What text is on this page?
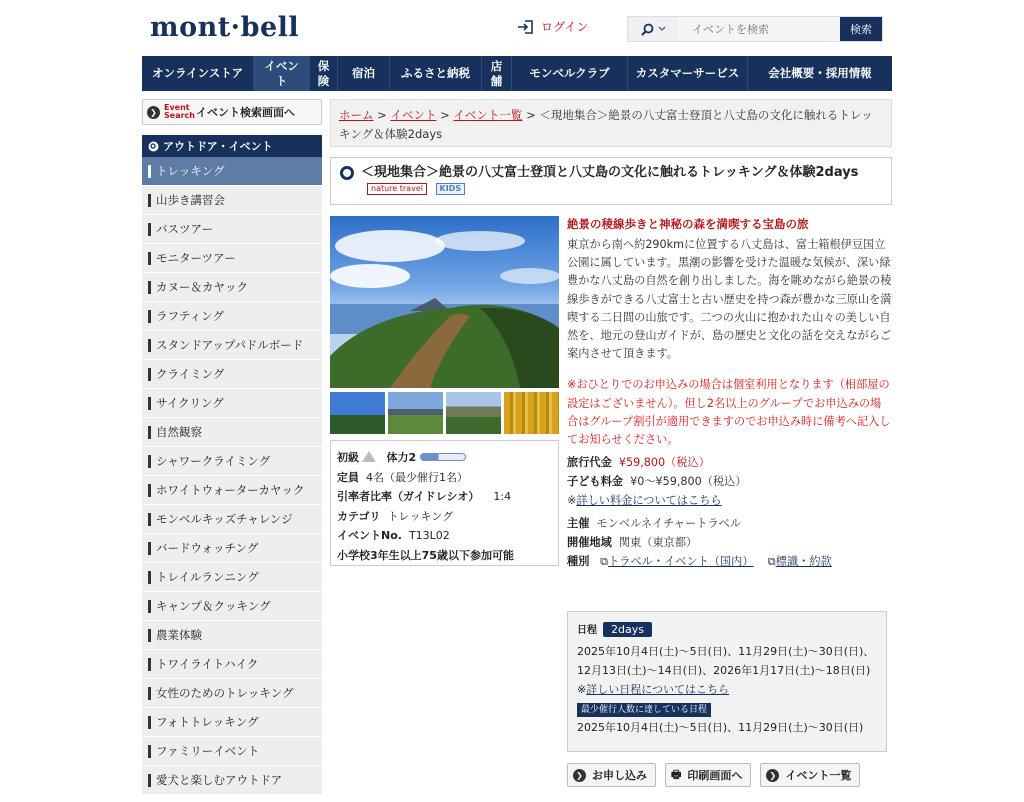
mont·bell	ログイン
イベントを検索	検索
オンラインストア
イベント
保険
宿泊	ふるさと納税
店舗
モンベルクラブ	カスタマーサービス	会社概要・採用情報
❯ Event Search イベント検索画面へ
アウトドア・イベント
トレッキング
山歩き講習会
バスツアー
モニターツアー
カヌー＆カヤック
ラフティング
スタンドアップパドルボード
クライミング
サイクリング
自然観察
シャワークライミング
ホワイトウォーターカヤック
モンベルキッズチャレンジ
バードウォッチング
トレイルランニング
キャンプ＆クッキング
農業体験
トワイライトハイク
女性のためのトレッキング
フォトトレッキング
ファミリーイベント
愛犬と楽しむアウトドア
ホーム > イベント > イベント一覧 > ＜現地集合＞絶景の八丈富士登頂と八丈島の文化に触れるトレッキング＆体験2days
＜現地集合＞絶景の八丈富士登頂と八丈島の文化に触れるトレッキング＆体験2days nature travel KIDS
初級	体力2
定員 4名（最少催行1名）
引率者比率（ガイドレシオ） 1:4
カテゴリ トレッキング
イベントNo. T13L02
小学校3年生以上75歳以下参加可能
絶景の稜線歩きと神秘の森を満喫する宝島の旅
東京から南へ約290kmに位置する八丈島は、富士箱根伊豆国立公園に属しています。黒潮の影響を受けた温暖な気候が、深い緑豊かな八丈島の自然を創り出しました。海を眺めながら絶景の稜線歩きができる八丈富士と古い歴史を持つ森が豊かな三原山を満喫する二日間の山旅です。二つの火山に抱かれた山々の美しい自然を、地元の登山ガイドが、島の歴史と文化の話を交えながらご案内させて頂きます。
※おひとりでのお申込みの場合は個室利用となります（相部屋の設定はございません）。但し2名以上のグループでお申込みの場合はグループ割引が適用できますのでお申込み時に備考へ記入してお知らせください。
旅行代金 ¥59,800（税込）
子ども料金 ¥0〜¥59,800（税込）
※詳しい料金についてはこちら
主催 モンベルネイチャートラベル
開催地域 関東（東京都）
種別 ⧉トラベル・イベント（国内） ⧉標識・約款
日程 2days
2025年10月4日(土)〜5日(日)、11月29日(土)〜30日(日)、12月13日(土)〜14日(日)、2026年1月17日(土)〜18日(日)
※詳しい日程についてはこちら
最少催行人数に達している日程
2025年10月4日(土)〜5日(日)、11月29日(土)〜30日(日)
❯ お申し込み 🖶 印刷画面へ	❯ イベント一覧
